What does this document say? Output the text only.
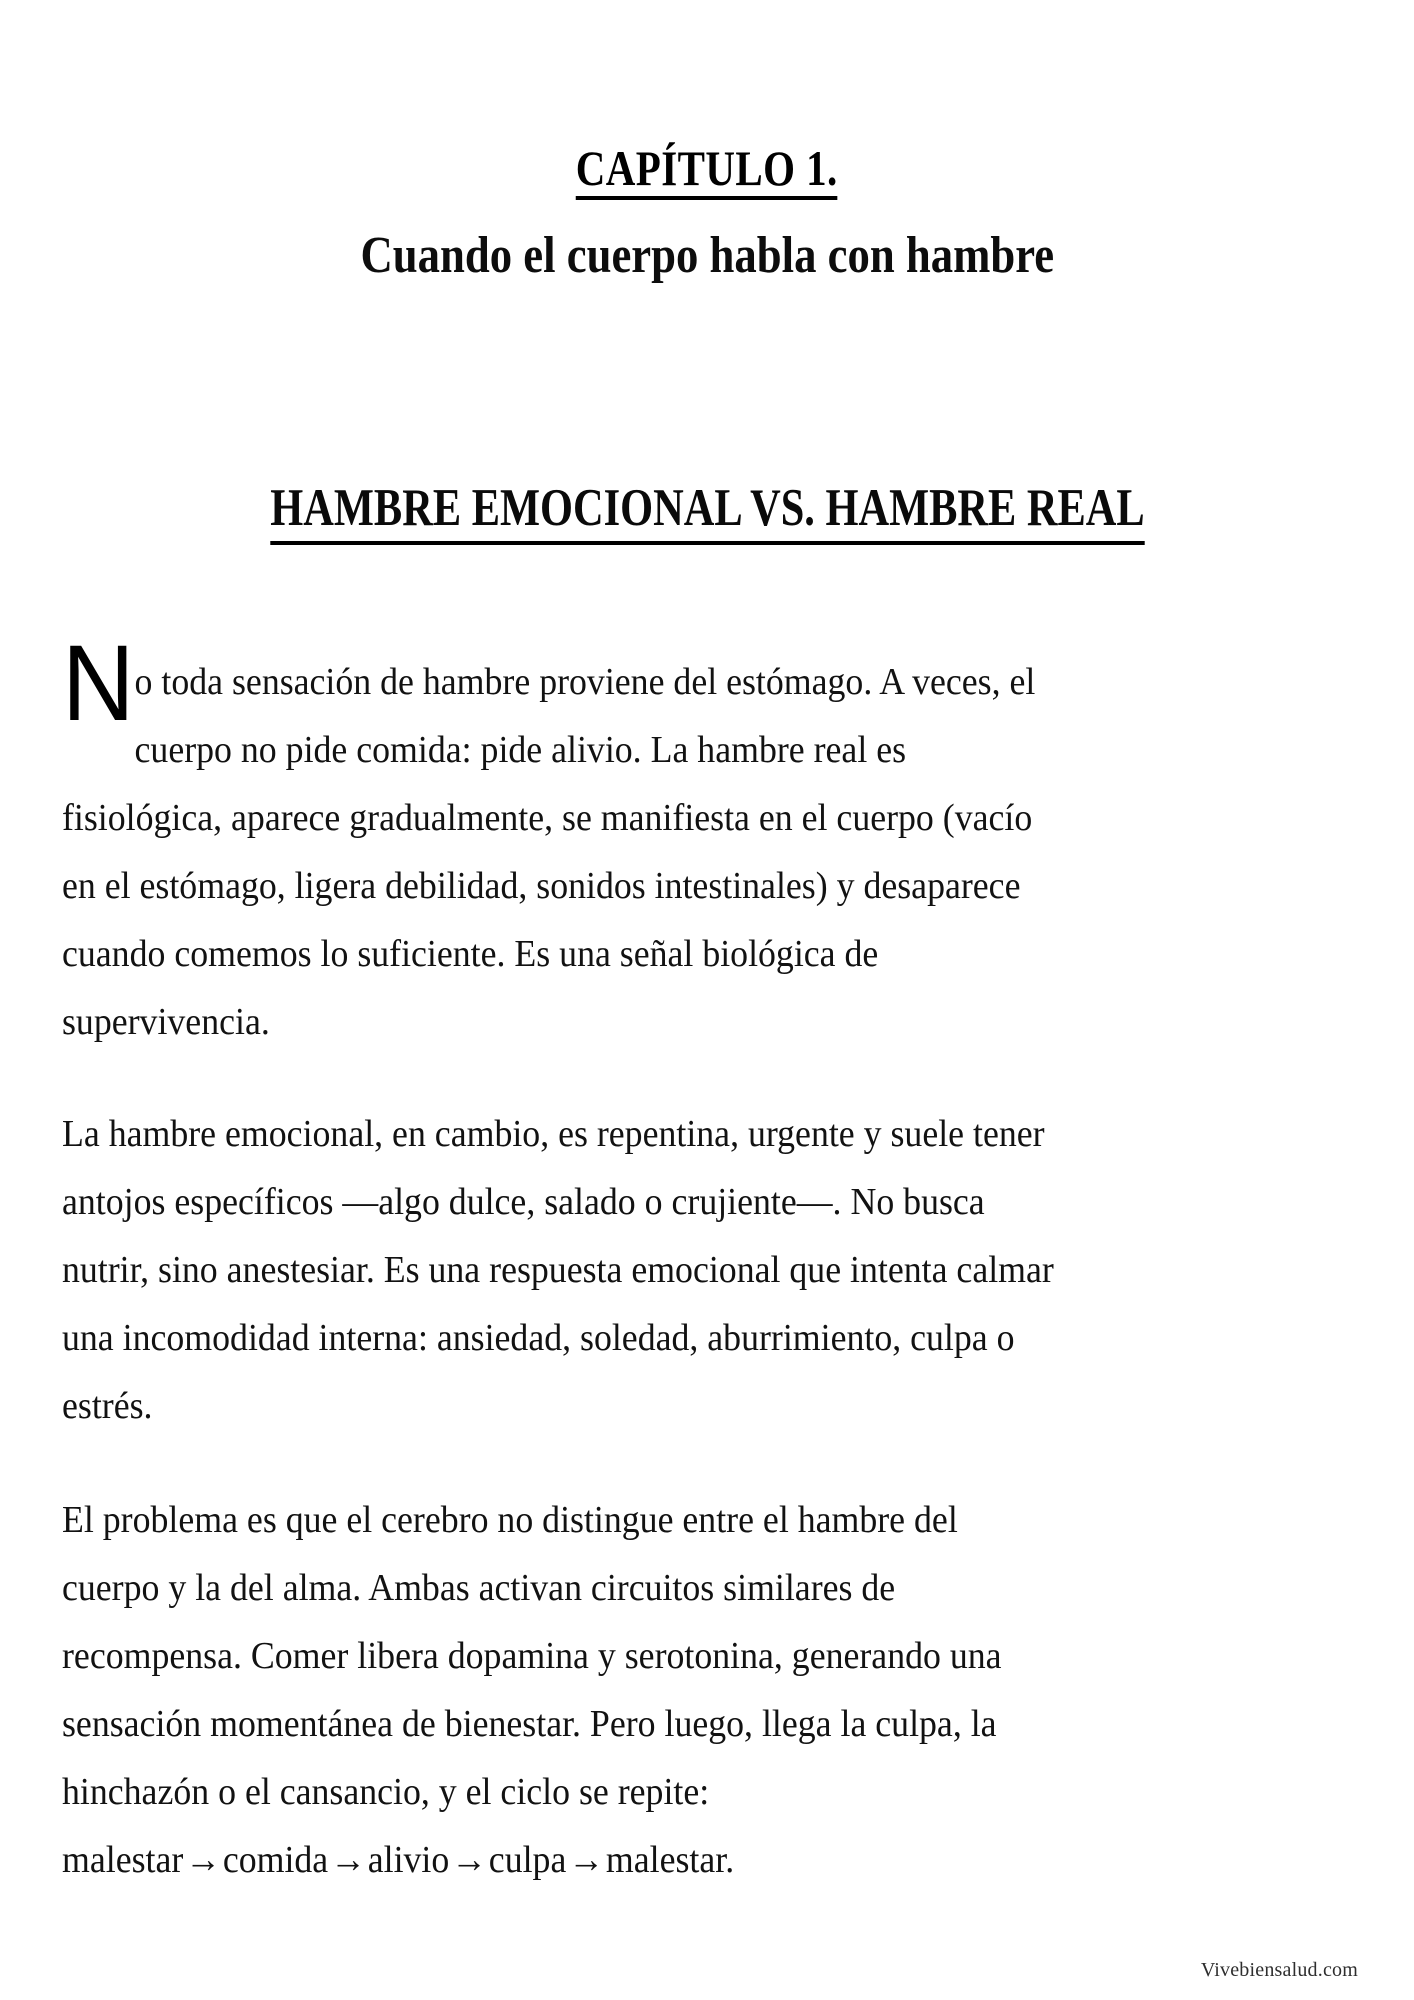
CAPÍTULO 1.
Cuando el cuerpo habla con hambre
HAMBRE EMOCIONAL VS. HAMBRE REAL

No toda sensación de hambre proviene del estómago. A veces, el cuerpo no pide comida: pide alivio. La hambre real es fisiológica, aparece gradualmente, se manifiesta en el cuerpo (vacío en el estómago, ligera debilidad, sonidos intestinales) y desaparece cuando comemos lo suficiente. Es una señal biológica de supervivencia.

La hambre emocional, en cambio, es repentina, urgente y suele tener antojos específicos —algo dulce, salado o crujiente—. No busca nutrir, sino anestesiar. Es una respuesta emocional que intenta calmar una incomodidad interna: ansiedad, soledad, aburrimiento, culpa o estrés.

El problema es que el cerebro no distingue entre el hambre del cuerpo y la del alma. Ambas activan circuitos similares de recompensa. Comer libera dopamina y serotonina, generando una sensación momentánea de bienestar. Pero luego, llega la culpa, la hinchazón o el cansancio, y el ciclo se repite: malestar→comida→alivio→culpa→malestar.

Vivebiensalud.com
